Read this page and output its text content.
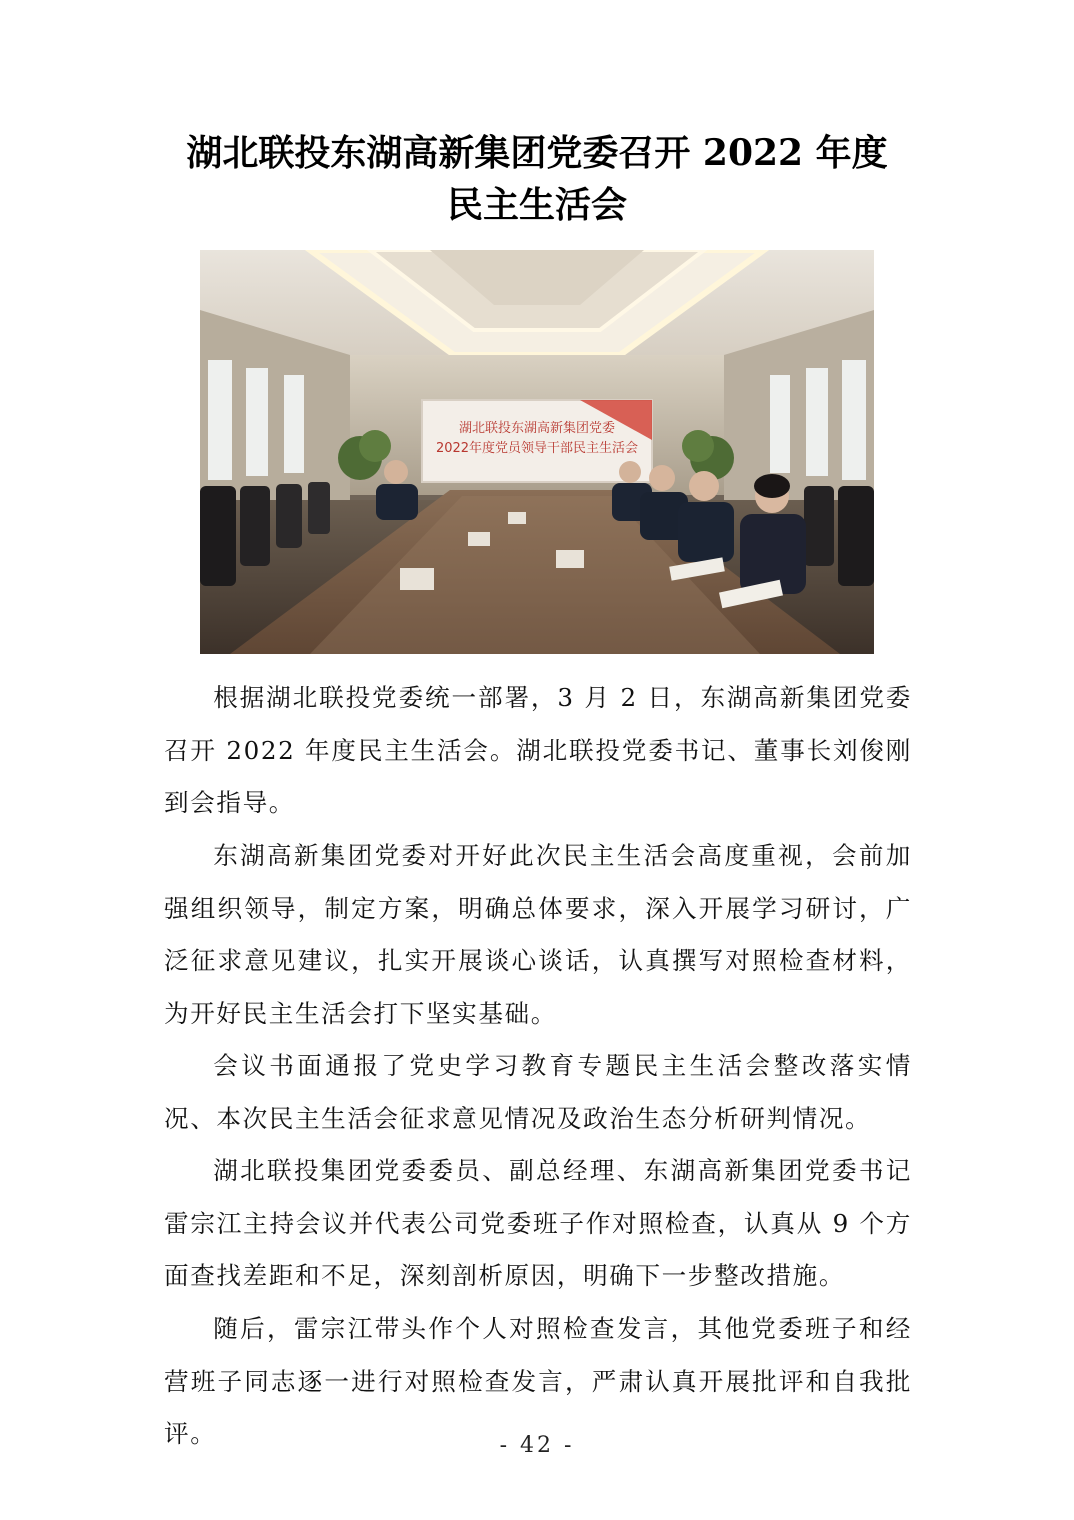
湖北联投东湖高新集团党委召开 2022 年度
民主生活会
湖北联投东湖高新集团党委
2022年度党员领导干部民主生活会

根据湖北联投党委统一部署，3 月 2 日，东湖高新集团党委召开 2022 年度民主生活会。湖北联投党委书记、董事长刘俊刚到会指导。

东湖高新集团党委对开好此次民主生活会高度重视，会前加强组织领导，制定方案，明确总体要求，深入开展学习研讨，广泛征求意见建议，扎实开展谈心谈话，认真撰写对照检查材料，为开好民主生活会打下坚实基础。

会议书面通报了党史学习教育专题民主生活会整改落实情况、本次民主生活会征求意见情况及政治生态分析研判情况。

湖北联投集团党委委员、副总经理、东湖高新集团党委书记雷宗江主持会议并代表公司党委班子作对照检查，认真从 9 个方面查找差距和不足，深刻剖析原因，明确下一步整改措施。

随后，雷宗江带头作个人对照检查发言，其他党委班子和经营班子同志逐一进行对照检查发言，严肃认真开展批评和自我批评。	- 42 -
